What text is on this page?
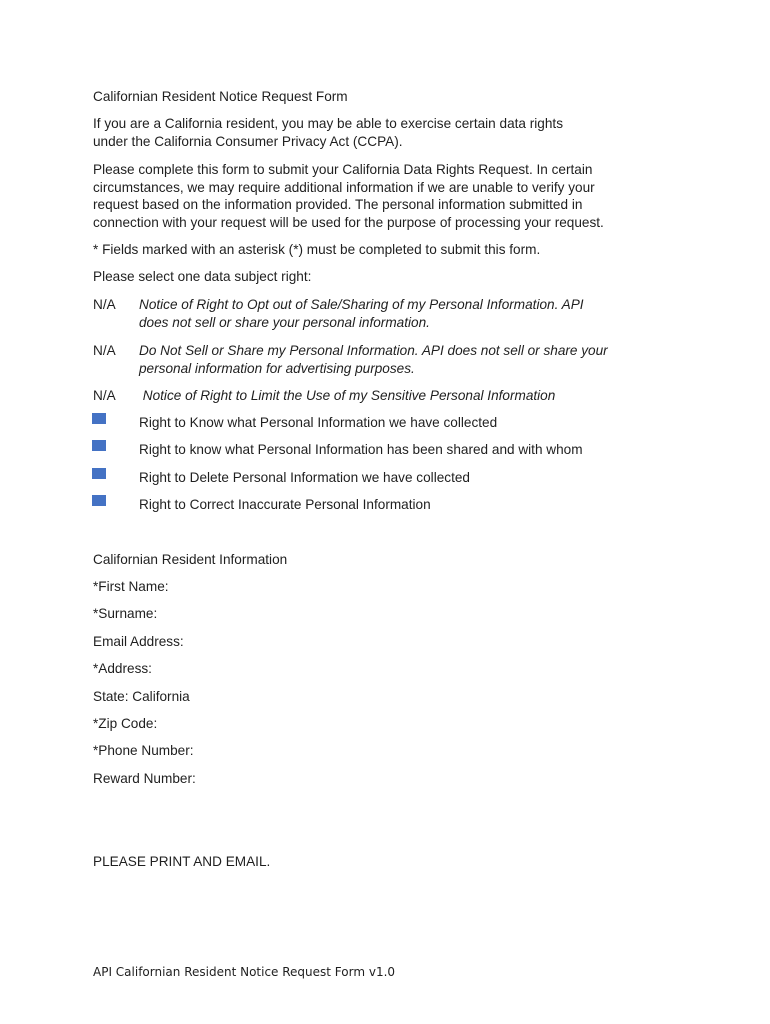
Californian Resident Notice Request Form
If you are a California resident, you may be able to exercise certain data rights
under the California Consumer Privacy Act (CCPA).
Please complete this form to submit your California Data Rights Request. In certain
circumstances, we may require additional information if we are unable to verify your
request based on the information provided. The personal information submitted in
connection with your request will be used for the purpose of processing your request.
* Fields marked with an asterisk (*) must be completed to submit this form.
Please select one data subject right:
N/A Notice of Right to Opt out of Sale/Sharing of my Personal Information. API
does not sell or share your personal information.
N/A Do Not Sell or Share my Personal Information. API does not sell or share your
personal information for advertising purposes.
N/A Notice of Right to Limit the Use of my Sensitive Personal Information
Right to Know what Personal Information we have collected
Right to know what Personal Information has been shared and with whom
Right to Delete Personal Information we have collected
Right to Correct Inaccurate Personal Information
Californian Resident Information
*First Name:
*Surname:
Email Address:
*Address:
State: California
*Zip Code:
*Phone Number:
Reward Number:
PLEASE PRINT AND EMAIL.
API Californian Resident Notice Request Form v1.0
